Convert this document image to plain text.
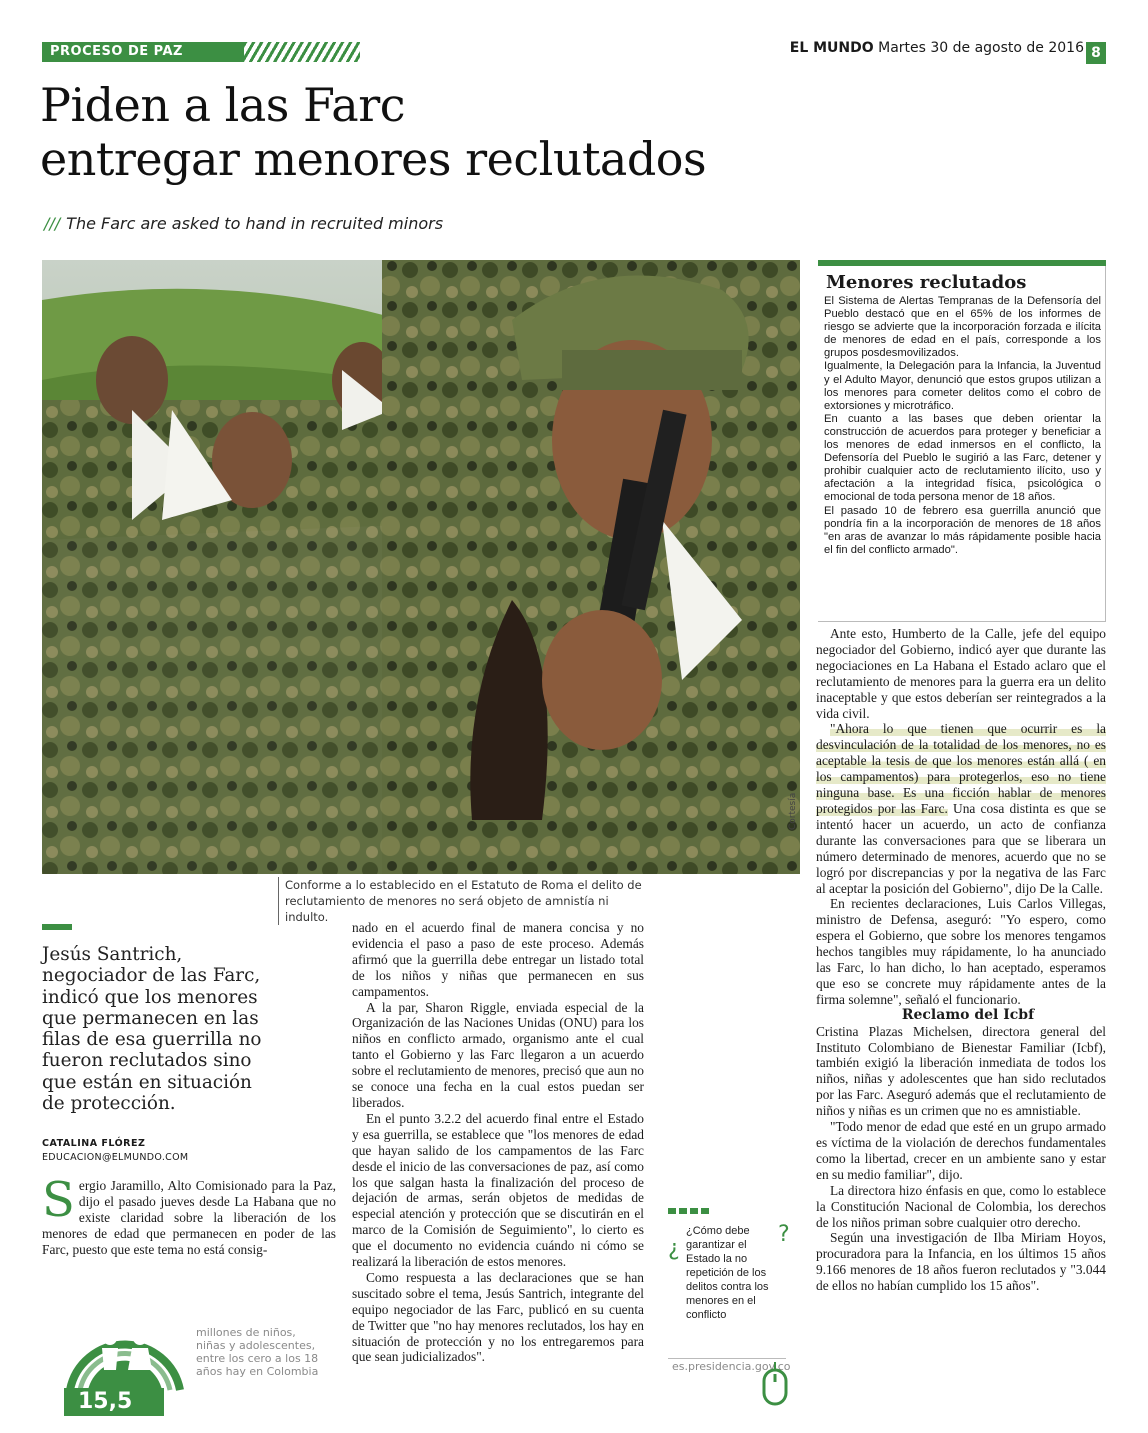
PROCESO DE PAZ	EL MUNDO Martes 30 de agosto de 2016 8
Piden a las Farc
entregar menores reclutados
/// The Farc are asked to hand in recruited minors
Cortesía
Conforme a lo establecido en el Estatuto de Roma el delito de reclutamiento de menores no será objeto de amnistía ni indulto.
Menores reclutados

El Sistema de Alertas Tempranas de la Defensoría del Pueblo destacó que en el 65% de los informes de riesgo se advierte que la incorporación forzada e ilícita de menores de edad en el país, corresponde a los grupos posdesmovilizados.

Igualmente, la Delegación para la Infancia, la Juventud y el Adulto Mayor, denunció que estos grupos utilizan a los menores para cometer delitos como el cobro de extorsiones y microtráfico.

En cuanto a las bases que deben orientar la construcción de acuerdos para proteger y beneficiar a los menores de edad inmersos en el conflicto, la Defensoría del Pueblo le sugirió a las Farc, detener y prohibir cualquier acto de reclutamiento ilícito, uso y afectación a la integridad física, psicológica o emocional de toda persona menor de 18 años.

El pasado 10 de febrero esa guerrilla anunció que pondría fin a la incorporación de menores de 18 años "en aras de avanzar lo más rápidamente posible hacia el fin del conflicto armado".

Jesús Santrich, negociador de las Farc, indicó que los menores que permanecen en las filas de esa guerrilla no fueron reclutados sino que están en situación de protección.
CATALINA FLÓREZ
EDUCACION@ELMUNDO.COM

Sergio Jaramillo, Alto Comisionado para la Paz, dijo el pasado jueves desde La Habana que no existe claridad sobre la liberación de los menores de edad que permanecen en poder de las Farc, puesto que este tema no está consig-

15,5
millones de niños, niñas y adolescentes, entre los cero a los 18 años hay en Colombia

nado en el acuerdo final de manera concisa y no evidencia el paso a paso de este proceso. Además afirmó que la guerrilla debe entregar un listado total de los niños y niñas que permanecen en sus campamentos.

A la par, Sharon Riggle, enviada especial de la Organización de las Naciones Unidas (ONU) para los niños en conflicto armado, organismo ante el cual tanto el Gobierno y las Farc llegaron a un acuerdo sobre el reclutamiento de menores, precisó que aun no se conoce una fecha en la cual estos puedan ser liberados.

En el punto 3.2.2 del acuerdo final entre el Estado y esa guerrilla, se establece que "los menores de edad que hayan salido de los campamentos de las Farc desde el inicio de las conversaciones de paz, así como los que salgan hasta la finalización del proceso de dejación de armas, serán objetos de medidas de especial atención y protección que se discutirán en el marco de la Comisión de Seguimiento", lo cierto es que el documento no evidencia cuándo ni cómo se realizará la liberación de estos menores.

Como respuesta a las declaraciones que se han suscitado sobre el tema, Jesús Santrich, integrante del equipo negociador de las Farc, publicó en su cuenta de Twitter que "no hay menores reclutados, los hay en situación de protección y no los entregaremos para que sean judicializados".

¿
¿Cómo debe garantizar el Estado la no repetición de los delitos contra los menores en el conflicto
?
es.presidencia.gov.co

Ante esto, Humberto de la Calle, jefe del equipo negociador del Gobierno, indicó ayer que durante las negociaciones en La Habana el Estado aclaro que el reclutamiento de menores para la guerra era un delito inaceptable y que estos deberían ser reintegrados a la vida civil.

"Ahora lo que tienen que ocurrir es la desvinculación de la totalidad de los menores, no es aceptable la tesis de que los menores están allá ( en los campamentos) para protegerlos, eso no tiene ninguna base. Es una ficción hablar de menores protegidos por las Farc. Una cosa distinta es que se intentó hacer un acuerdo, un acto de confianza durante las conversaciones para que se liberara un número determinado de menores, acuerdo que no se logró por discrepancias y por la negativa de las Farc al aceptar la posición del Gobierno", dijo De la Calle.

En recientes declaraciones, Luis Carlos Villegas, ministro de Defensa, aseguró: "Yo espero, como espera el Gobierno, que sobre los menores tengamos hechos tangibles muy rápidamente, lo ha anunciado las Farc, lo han dicho, lo han aceptado, esperamos que eso se concrete muy rápidamente antes de la firma solemne", señaló el funcionario.

Reclamo del Icbf

Cristina Plazas Michelsen, directora general del Instituto Colombiano de Bienestar Familiar (Icbf), también exigió la liberación inmediata de todos los niños, niñas y adolescentes que han sido reclutados por las Farc. Aseguró además que el reclutamiento de niños y niñas es un crimen que no es amnistiable.

"Todo menor de edad que esté en un grupo armado es víctima de la violación de derechos fundamentales como la libertad, crecer en un ambiente sano y estar en su medio familiar", dijo.

La directora hizo énfasis en que, como lo establece la Constitución Nacional de Colombia, los derechos de los niños priman sobre cualquier otro derecho.

Según una investigación de Ilba Miriam Hoyos, procuradora para la Infancia, en los últimos 15 años 9.166 menores de 18 años fueron reclutados y "3.044 de ellos no habían cumplido los 15 años".
